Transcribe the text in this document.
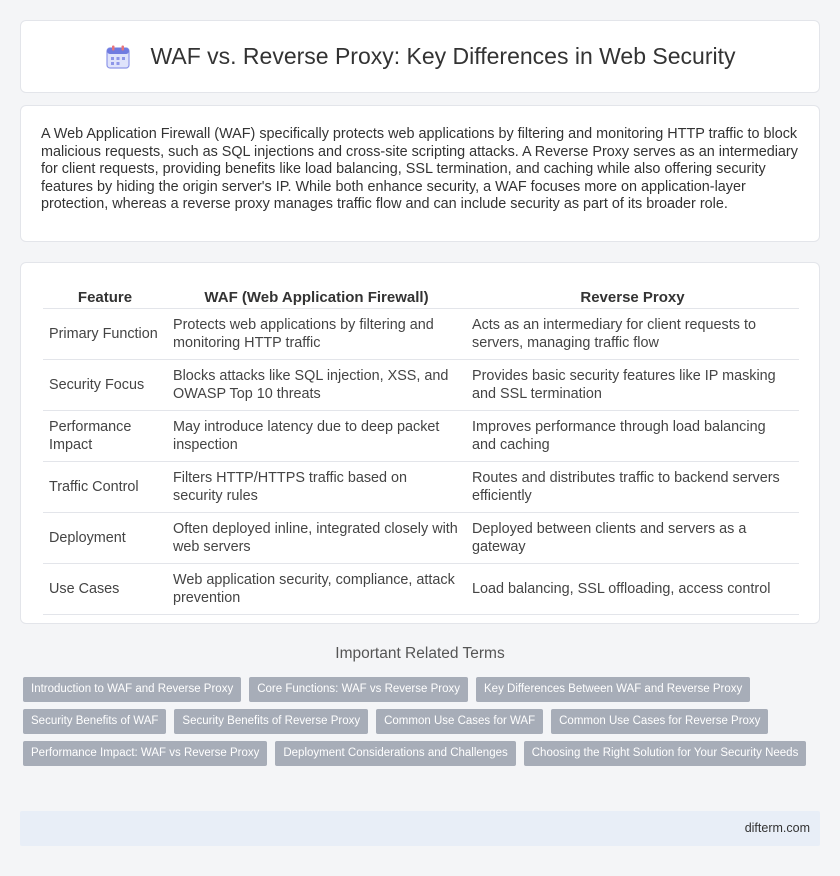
WAF vs. Reverse Proxy: Key Differences in Web Security

A Web Application Firewall (WAF) specifically protects web applications by filtering and monitoring HTTP traffic to block malicious requests, such as SQL injections and cross-site scripting attacks. A Reverse Proxy serves as an intermediary for client requests, providing benefits like load balancing, SSL termination, and caching while also offering security features by hiding the origin server's IP. While both enhance security, a WAF focuses more on application-layer protection, whereas a reverse proxy manages traffic flow and can include security as part of its broader role.

Feature	WAF (Web Application Firewall)	Reverse Proxy
Primary Function	Protects web applications by filtering and monitoring HTTP traffic	Acts as an intermediary for client requests to servers, managing traffic flow
Security Focus	Blocks attacks like SQL injection, XSS, and OWASP Top 10 threats	Provides basic security features like IP masking and SSL termination
Performance Impact	May introduce latency due to deep packet inspection	Improves performance through load balancing and caching
Traffic Control	Filters HTTP/HTTPS traffic based on security rules	Routes and distributes traffic to backend servers efficiently
Deployment	Often deployed inline, integrated closely with web servers	Deployed between clients and servers as a gateway
Use Cases	Web application security, compliance, attack prevention	Load balancing, SSL offloading, access control
Important Related Terms
Introduction to WAF and Reverse Proxy	Core Functions: WAF vs Reverse Proxy	Key Differences Between WAF and Reverse Proxy
Security Benefits of WAF	Security Benefits of Reverse Proxy	Common Use Cases for WAF	Common Use Cases for Reverse Proxy
Performance Impact: WAF vs Reverse Proxy	Deployment Considerations and Challenges	Choosing the Right Solution for Your Security Needs
difterm.com
